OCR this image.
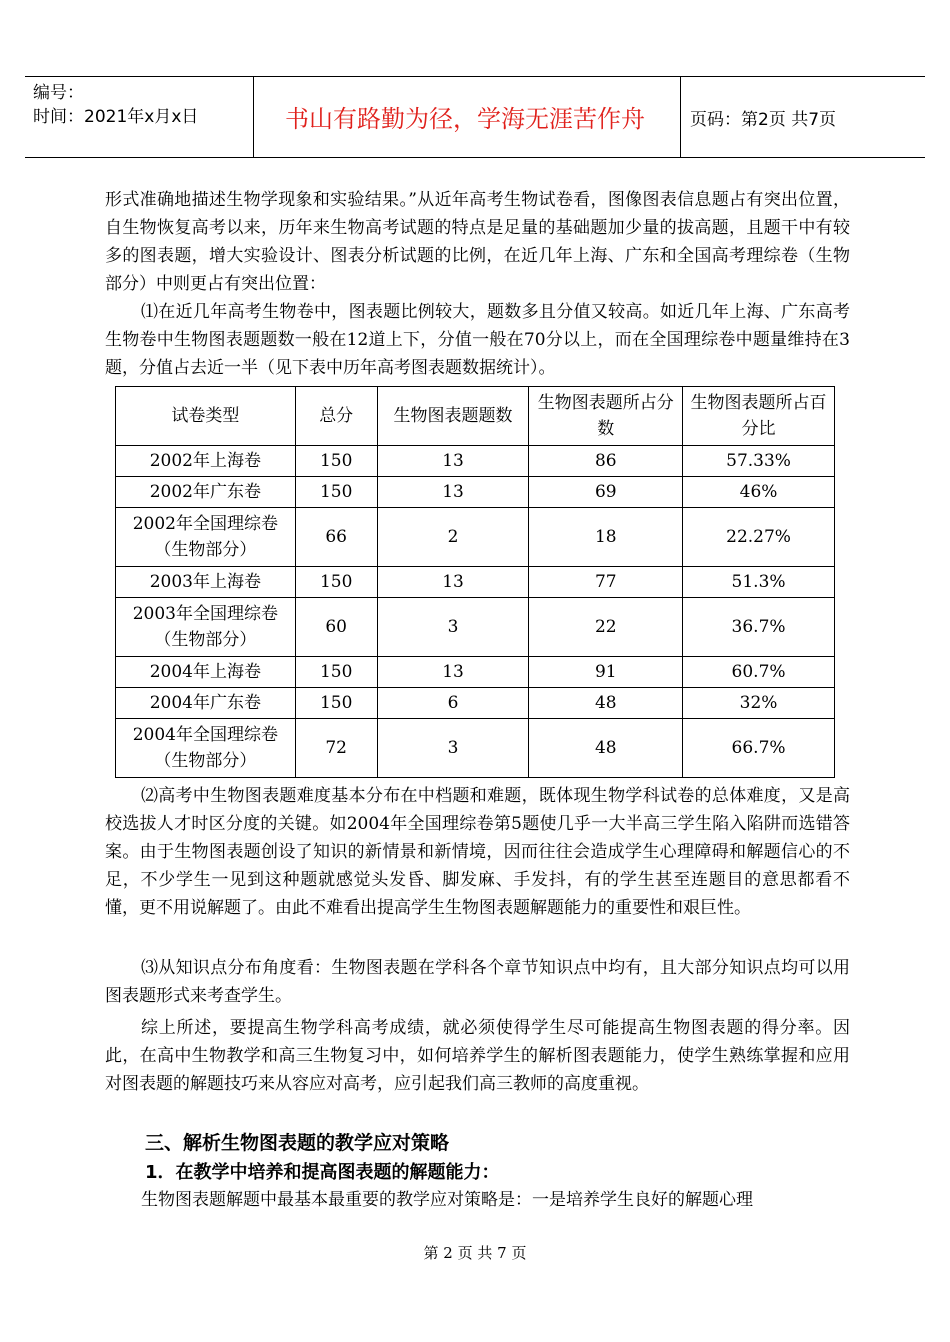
编号：
时间：2021年x月x日	书山有路勤为径，学海无涯苦作舟	页码：第2页 共7页

形式准确地描述生物学现象和实验结果。”从近年高考生物试卷看，图像图表信息题占有突出位置，自生物恢复高考以来，历年来生物高考试题的特点是足量的基础题加少量的拔高题，且题干中有较多的图表题，增大实验设计、图表分析试题的比例，在近几年上海、广东和全国高考理综卷（生物部分）中则更占有突出位置：

⑴在近几年高考生物卷中，图表题比例较大，题数多且分值又较高。如近几年上海、广东高考生物卷中生物图表题题数一般在12道上下，分值一般在70分以上，而在全国理综卷中题量维持在3题，分值占去近一半（见下表中历年高考图表题数据统计）。

试卷类型	总分	生物图表题题数	生物图表题所占分数	生物图表题所占百分比
2002年上海卷	150	13	86	57.33%
2002年广东卷	150	13	69	46%
2002年全国理综卷（生物部分）	66	2	18	22.27%
2003年上海卷	150	13	77	51.3%
2003年全国理综卷（生物部分）	60	3	22	36.7%
2004年上海卷	150	13	91	60.7%
2004年广东卷	150	6	48	32%
2004年全国理综卷（生物部分）	72	3	48	66.7%

⑵高考中生物图表题难度基本分布在中档题和难题，既体现生物学科试卷的总体难度，又是高校选拔人才时区分度的关键。如2004年全国理综卷第5题使几乎一大半高三学生陷入陷阱而选错答案。由于生物图表题创设了知识的新情景和新情境，因而往往会造成学生心理障碍和解题信心的不足，不少学生一见到这种题就感觉头发昏、脚发麻、手发抖，有的学生甚至连题目的意思都看不懂，更不用说解题了。由此不难看出提高学生生物图表题解题能力的重要性和艰巨性。

⑶从知识点分布角度看：生物图表题在学科各个章节知识点中均有，且大部分知识点均可以用图表题形式来考查学生。

综上所述，要提高生物学科高考成绩，就必须使得学生尽可能提高生物图表题的得分率。因此，在高中生物教学和高三生物复习中，如何培养学生的解析图表题能力，使学生熟练掌握和应用对图表题的解题技巧来从容应对高考，应引起我们高三教师的高度重视。

三、解析生物图表题的教学应对策略
1．在教学中培养和提高图表题的解题能力：

生物图表题解题中最基本最重要的教学应对策略是：一是培养学生良好的解题心理

第 2 页 共 7 页
